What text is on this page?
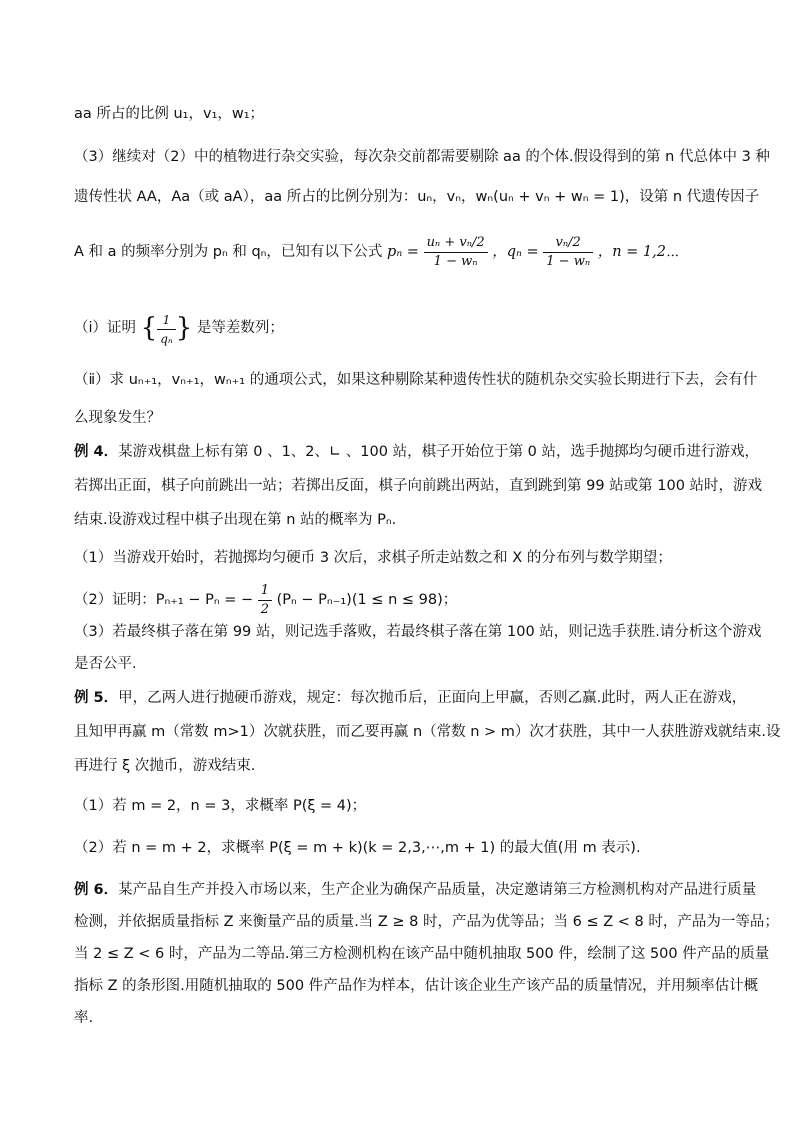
aa 所占的比例 u₁，v₁，w₁；
（3）继续对（2）中的植物进行杂交实验，每次杂交前都需要剔除 aa 的个体.假设得到的第 n 代总体中 3 种
遗传性状 AA，Aa（或 aA），aa 所占的比例分别为：uₙ，vₙ，wₙ(uₙ + vₙ + wₙ = 1)，设第 n 代遗传因子
A 和 a 的频率分别为 pₙ 和 qₙ，已知有以下公式 $p_n = \frac{\text{uₙ + vₙ/2}}{\text{1 − wₙ}}$ ，$q_n = \frac{\text{vₙ/2}}{\text{1 − wₙ}}$ ，n = 1,2⋯
（ⅰ）证明 { $\frac{1}{\text{qₙ}}$ } 是等差数列；
（ⅱ）求 uₙ₊₁，vₙ₊₁，wₙ₊₁ 的通项公式，如果这种剔除某种遗传性状的随机杂交实验长期进行下去，会有什
么现象发生？
例 4．某游戏棋盘上标有第 0 、1、2、∟ 、100 站，棋子开始位于第 0 站，选手抛掷均匀硬币进行游戏，
若掷出正面，棋子向前跳出一站；若掷出反面，棋子向前跳出两站，直到跳到第 99 站或第 100 站时，游戏
结束.设游戏过程中棋子出现在第 n 站的概率为 Pₙ.
（1）当游戏开始时，若抛掷均匀硬币 3 次后，求棋子所走站数之和 X 的分布列与数学期望；
（2）证明：Pₙ₊₁ − Pₙ = − $\frac{1}{2} (P_n - P_{n-1})(1 \le n \le 98)$；
（3）若最终棋子落在第 99 站，则记选手落败，若最终棋子落在第 100 站，则记选手获胜.请分析这个游戏
是否公平.
例 5．甲，乙两人进行抛硬币游戏，规定：每次抛币后，正面向上甲赢，否则乙赢.此时，两人正在游戏，
且知甲再赢 m（常数 m>1）次就获胜，而乙要再赢 n（常数 n > m）次才获胜，其中一人获胜游戏就结束.设
再进行 ξ 次抛币，游戏结束.
（1）若 m = 2，n = 3，求概率 P(ξ = 4)；
（2）若 n = m + 2，求概率 P(ξ = m + k)(k = 2,3,⋯,m + 1) 的最大值(用 m 表示).
例 6．某产品自生产并投入市场以来，生产企业为确保产品质量，决定邀请第三方检测机构对产品进行质量
检测，并依据质量指标 Z 来衡量产品的质量.当 Z ≥ 8 时，产品为优等品；当 6 ≤ Z < 8 时，产品为一等品；
当 2 ≤ Z < 6 时，产品为二等品.第三方检测机构在该产品中随机抽取 500 件，绘制了这 500 件产品的质量
指标 Z 的条形图.用随机抽取的 500 件产品作为样本，估计该企业生产该产品的质量情况，并用频率估计概
率.
